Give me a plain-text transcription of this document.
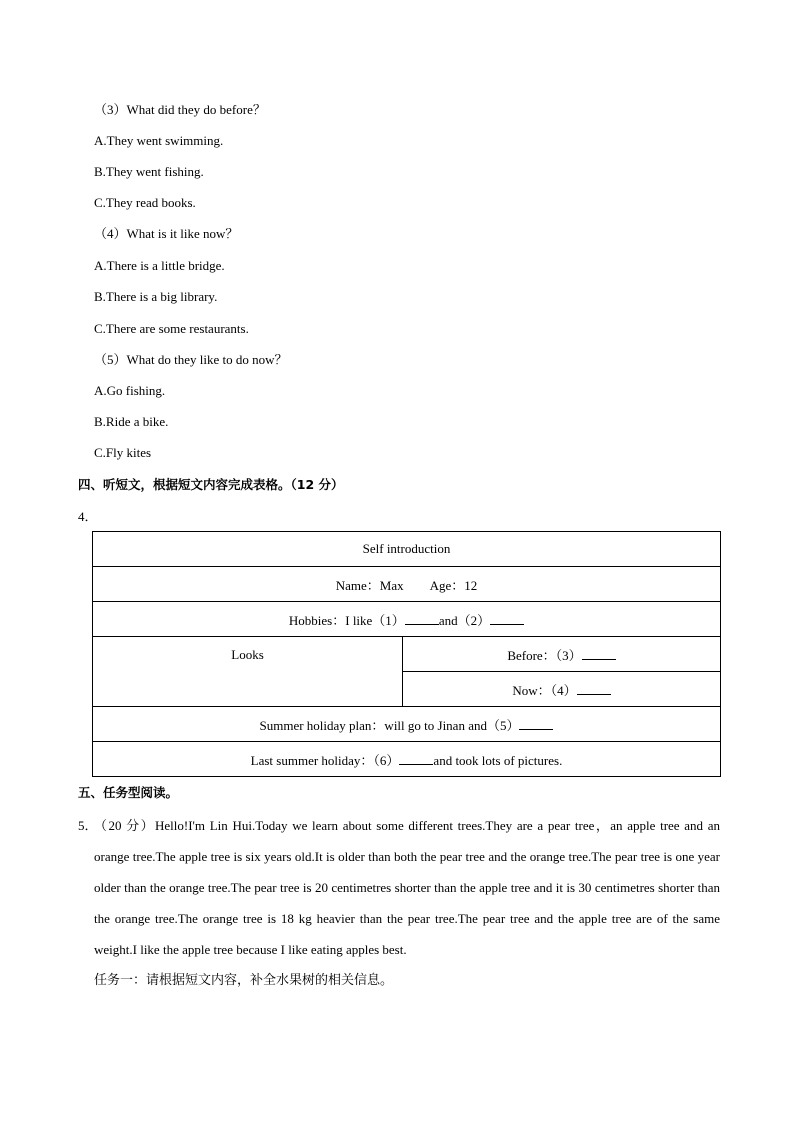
（3）What did they do before？
A.They went swimming.
B.They went fishing.
C.They read books.
（4）What is it like now？
A.There is a little bridge.
B.There is a big library.
C.There are some restaurants.
（5）What do they like to do now？
A.Go fishing.
B.Ride a bike.
C.Fly kites
四、听短文，根据短文内容完成表格。（12 分）
4．
Self introduction
Name：Max　　Age：12
Hobbies：I like（1）	and（2）
Looks	Before：（3）
Now：（4）
Summer holiday plan：will go to Jinan and（5）
Last summer holiday：（6）	and took lots of pictures.
五、任务型阅读。
5．
（20 分）Hello!I'm Lin Hui.Today we learn about some different trees.They are a pear tree，an apple tree and an orange tree.The apple tree is six years old.It is older than both the pear tree and the orange tree.The pear tree is one year older than the orange tree.The pear tree is 20 centimetres shorter than the apple tree and it is 30 centimetres shorter than the orange tree.The orange tree is 18 kg heavier than the pear tree.The pear tree and the apple tree are of the same weight.I like the apple tree because I like eating apples best.
任务一：请根据短文内容，补全水果树的相关信息。
